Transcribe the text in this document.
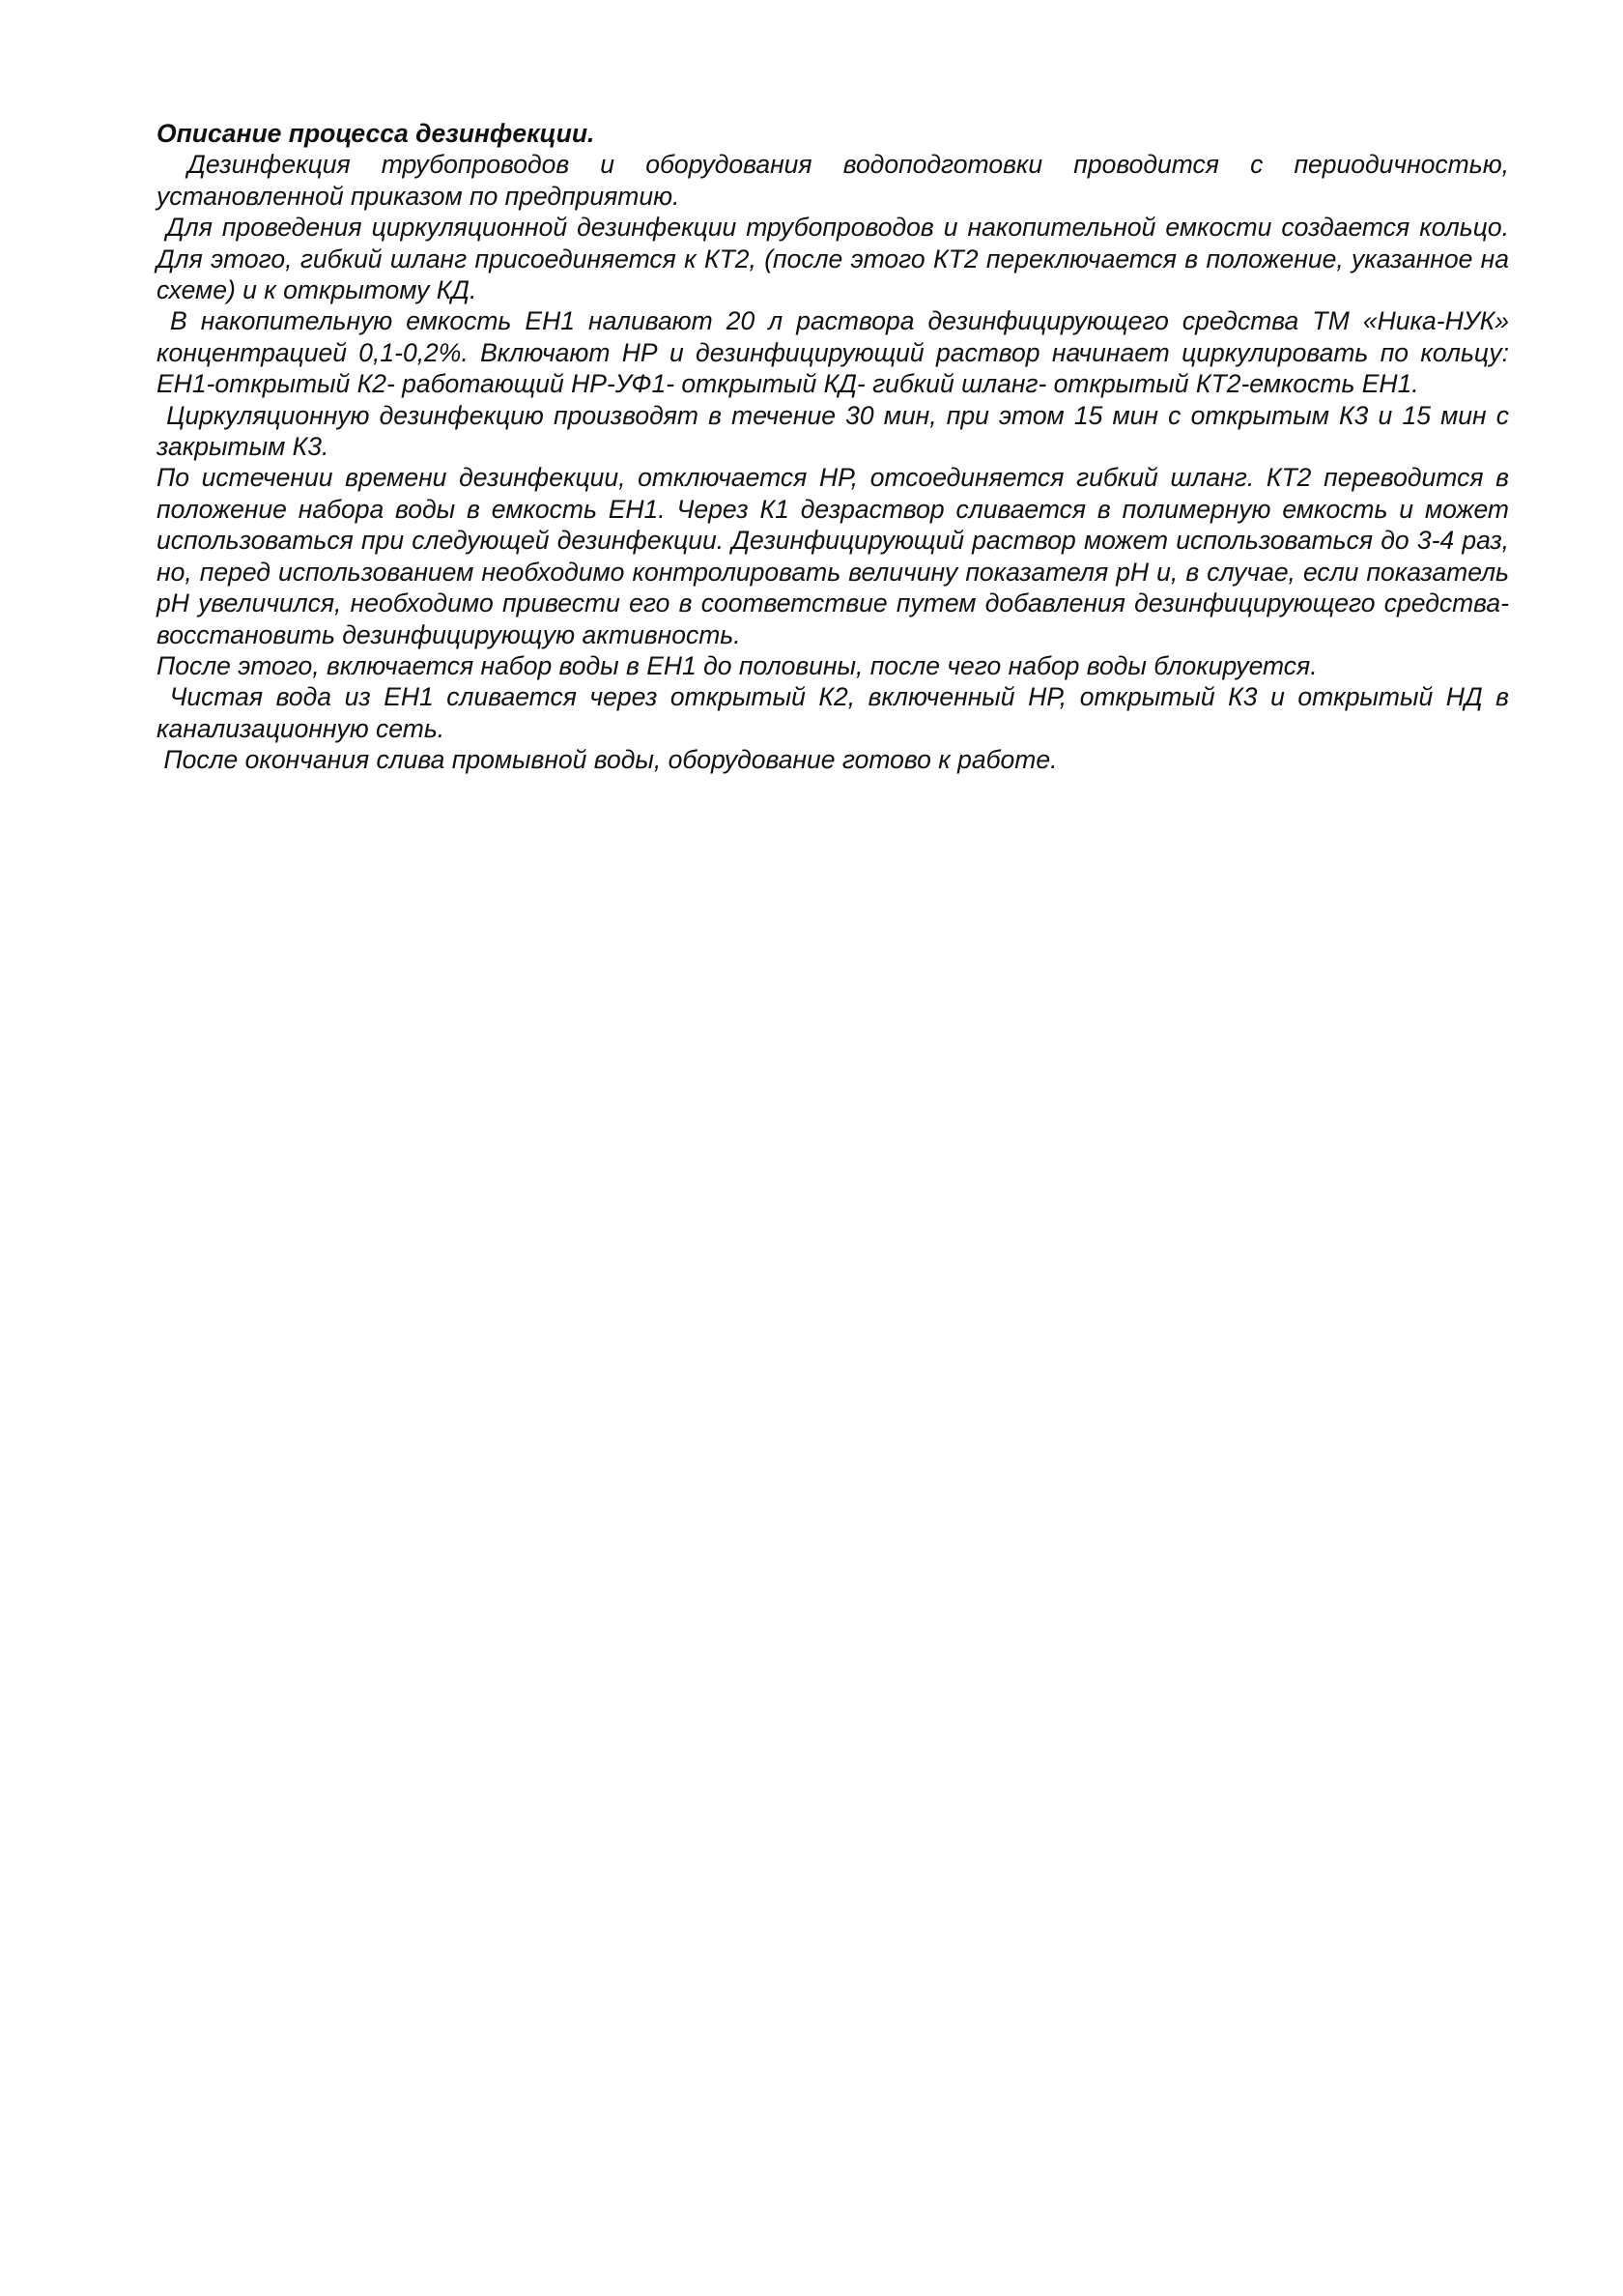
Описание процесса дезинфекции.

Дезинфекция трубопроводов и оборудования водоподготовки проводится с периодичностью, установленной приказом по предприятию.

Для проведения циркуляционной дезинфекции трубопроводов и накопительной емкости создается кольцо. Для этого, гибкий шланг присоединяется к КТ2, (после этого КТ2 переключается в положение, указанное на схеме) и к открытому КД.

В накопительную емкость ЕН1 наливают 20 л раствора дезинфицирующего средства ТМ «Ника-НУК» концентрацией 0,1-0,2%. Включают НР и дезинфицирующий раствор начинает циркулировать по кольцу: ЕН1-открытый К2- работающий НР-УФ1- открытый КД- гибкий шланг- открытый КТ2-емкость ЕН1.

Циркуляционную дезинфекцию производят в течение 30 мин, при этом 15 мин с открытым К3 и 15 мин с закрытым К3.

По истечении времени дезинфекции, отключается НР, отсоединяется гибкий шланг. КТ2 переводится в положение набора воды в емкость ЕН1. Через К1 дезраствор сливается в полимерную емкость и может использоваться при следующей дезинфекции. Дезинфицирующий раствор может использоваться до 3-4 раз, но, перед использованием необходимо контролировать величину показателя рН и, в случае, если показатель рН увеличился, необходимо привести его в соответствие путем добавления дезинфицирующего средства- восстановить дезинфицирующую активность.

После этого, включается набор воды в ЕН1 до половины, после чего набор воды блокируется.

Чистая вода из ЕН1 сливается через открытый К2, включенный НР, открытый К3 и открытый НД в канализационную сеть.

После окончания слива промывной воды, оборудование готово к работе.
